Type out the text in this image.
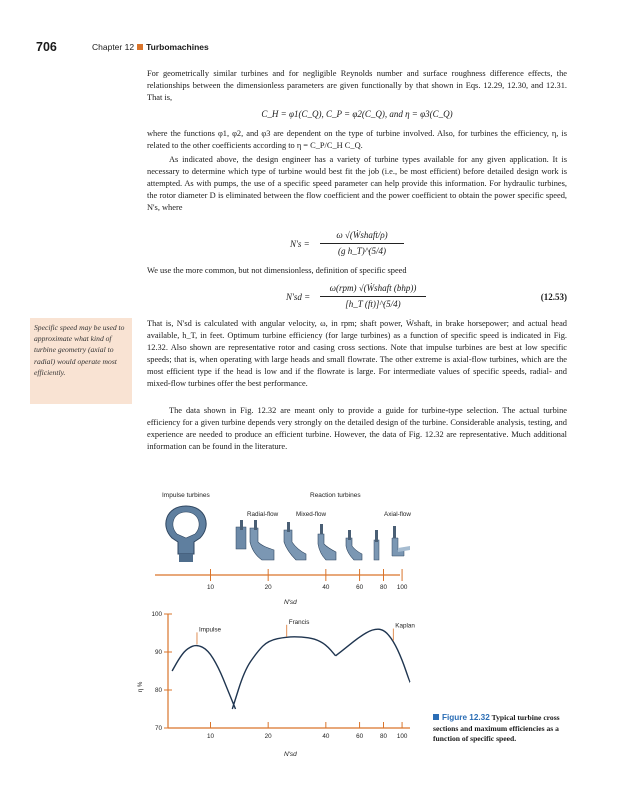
706	Chapter 12 Turbomachines
For geometrically similar turbines and for negligible Reynolds number and surface roughness difference effects, the relationships between the dimensionless parameters are given functionally by that shown in Eqs. 12.29, 12.30, and 12.31. That is,
C_H = φ1(C_Q), C_P = φ2(C_Q), and η = φ3(C_Q)
where the functions φ1, φ2, and φ3 are dependent on the type of turbine involved. Also, for turbines the efficiency, η, is related to the other coefficients according to η = C_P/C_H C_Q.
As indicated above, the design engineer has a variety of turbine types available for any given application. It is necessary to determine which type of turbine would best fit the job (i.e., be most efficient) before detailed design work is attempted. As with pumps, the use of a specific speed parameter can help provide this information. For hydraulic turbines, the rotor diameter D is eliminated between the flow coefficient and the power coefficient to obtain the power specific speed, N's, where
N's =
ω √(Ẇshaft/ρ)
(g h_T)^(5/4)
We use the more common, but not dimensionless, definition of specific speed
N'sd =
ω(rpm) √(Ẇshaft (bhp))
[h_T (ft)]^(5/4)
(12.53)
That is, N'sd is calculated with angular velocity, ω, in rpm; shaft power, Ẇshaft, in brake horsepower; and actual head available, h_T, in feet. Optimum turbine efficiency (for large turbines) as a function of specific speed is indicated in Fig. 12.32. Also shown are representative rotor and casing cross sections. Note that impulse turbines are best at low specific speeds; that is, when operating with large heads and small flowrate. The other extreme is axial-flow turbines, which are the most efficient type if the head is low and if the flowrate is large. For intermediate values of specific speeds, radial- and mixed-flow turbines offer the best performance.
The data shown in Fig. 12.32 are meant only to provide a guide for turbine-type selection. The actual turbine efficiency for a given turbine depends very strongly on the detailed design of the turbine. Considerable analysis, testing, and experience are needed to produce an efficient turbine. However, the data of Fig. 12.32 are representative. Much additional information can be found in the literature.
Specific speed may be used to approximate what kind of turbine geometry (axial to radial) would operate most efficiently.
Impulse turbines	Reaction turbines
Radial-flow	Mixed-flow	Axial-flow
10	20	40	60	80 100
N'sd
70
80
90
100
10	20	40	60	80 100
Impulse
Francis
Kaplan
η %
N'sd
Figure 12.32 Typical turbine cross sections and maximum efficiencies as a function of specific speed.
